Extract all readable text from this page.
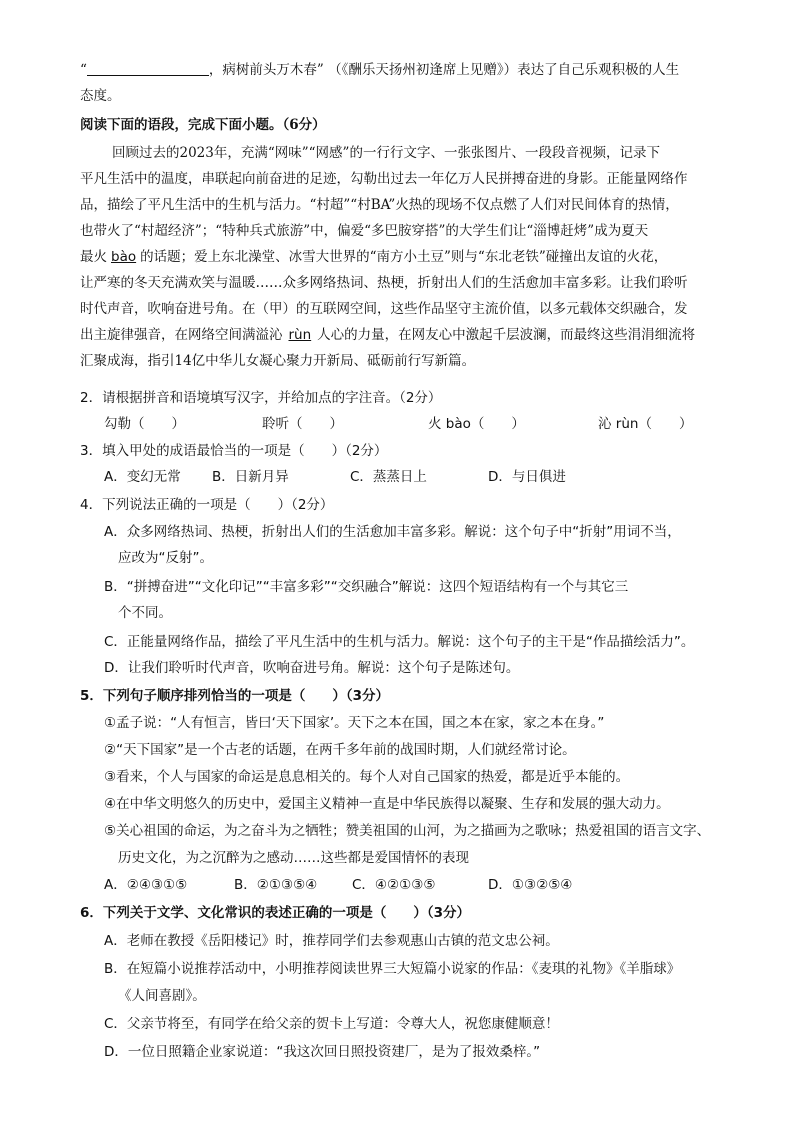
“	，病树前头万木春” （《酬乐天扬州初逢席上见赠》）表达了自己乐观积极的人生
态度。
阅读下面的语段，完成下面小题。（6分）
回顾过去的2023年，充满“网味”“网感”的一行行文字、一张张图片、一段段音视频，记录下
平凡生活中的温度，串联起向前奋进的足迹，勾勒出过去一年亿万人民拼搏奋进的身影。正能量网络作
品，描绘了平凡生活中的生机与活力。“村超”“村BA”火热的现场不仅点燃了人们对民间体育的热情，
也带火了“村超经济”；“特种兵式旅游”中，偏爱“多巴胺穿搭”的大学生们让“淄博赶烤”成为夏天
最火 bào 的话题；爱上东北澡堂、冰雪大世界的“南方小土豆”则与“东北老铁”碰撞出友谊的火花，
让严寒的冬天充满欢笑与温暖……众多网络热词、热梗，折射出人们的生活愈加丰富多彩。让我们聆听
时代声音，吹响奋进号角。在（甲）的互联网空间，这些作品坚守主流价值，以多元载体交织融合，发
出主旋律强音，在网络空间满溢沁 rùn 人心的力量，在网友心中激起千层波澜，而最终这些涓涓细流将
汇聚成海，指引14亿中华儿女凝心聚力开新局、砥砺前行写新篇。
2．请根据拼音和语境填写汉字，并给加点的字注音。（2分）
勾勒（　　）	聆听（　　）	火 bào（　　）	沁 rùn（　　）
3．填入甲处的成语最恰当的一项是（　　）（2分）
A．变幻无常 B．日新月异	C．蒸蒸日上	D．与日俱进
4．下列说法正确的一项是（　　）（2分）
A．众多网络热词、热梗，折射出人们的生活愈加丰富多彩。解说：这个句子中“折射”用词不当，
应改为“反射”。
B．“拼搏奋进”“文化印记”“丰富多彩”“交织融合”解说：这四个短语结构有一个与其它三
个不同。
C．正能量网络作品，描绘了平凡生活中的生机与活力。解说：这个句子的主干是“作品描绘活力”。
D．让我们聆听时代声音，吹响奋进号角。解说：这个句子是陈述句。
5．下列句子顺序排列恰当的一项是（　　）（3分）
①孟子说：“人有恒言，皆曰‘天下国家’。天下之本在国，国之本在家，家之本在身。”
②“天下国家”是一个古老的话题，在两千多年前的战国时期，人们就经常讨论。
③看来，个人与国家的命运是息息相关的。每个人对自己国家的热爱，都是近乎本能的。
④在中华文明悠久的历史中，爱国主义精神一直是中华民族得以凝聚、生存和发展的强大动力。
⑤关心祖国的命运，为之奋斗为之牺牲；赞美祖国的山河，为之描画为之歌咏；热爱祖国的语言文字、
历史文化，为之沉醉为之感动……这些都是爱国情怀的表现
A．②④③①⑤	B．②①③⑤④	C．④②①③⑤	D．①③②⑤④
6．下列关于文学、文化常识的表述正确的一项是（　　）（3分）
A．老师在教授《岳阳楼记》时，推荐同学们去参观惠山古镇的范文忠公祠。
B．在短篇小说推荐活动中，小明推荐阅读世界三大短篇小说家的作品：《麦琪的礼物》《羊脂球》
《人间喜剧》。
C．父亲节将至，有同学在给父亲的贺卡上写道：令尊大人，祝您康健顺意！
D．一位日照籍企业家说道：“我这次回日照投资建厂，是为了报效桑梓。”
